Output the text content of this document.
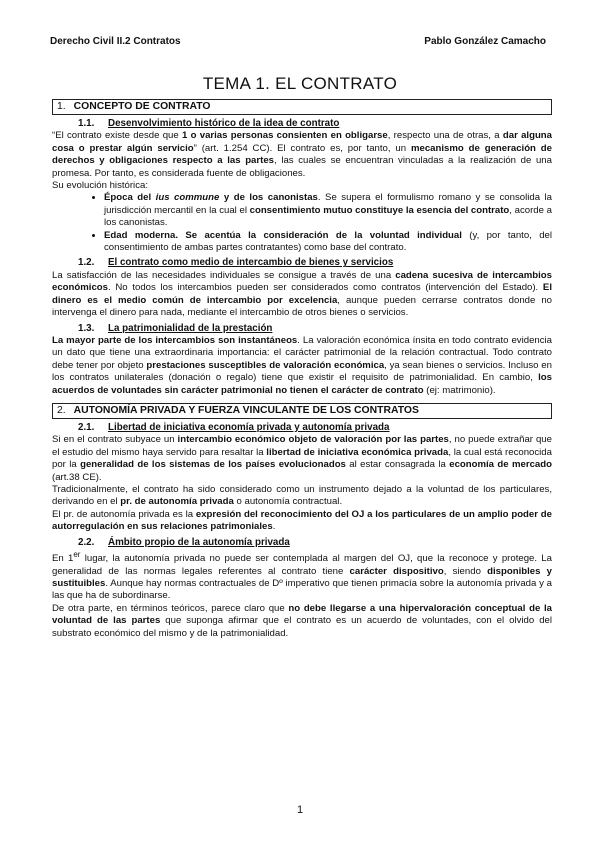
Derecho Civil II.2 Contratos	Pablo González Camacho
TEMA 1. EL CONTRATO
1. CONCEPTO DE CONTRATO
1.1. Desenvolvimiento histórico de la idea de contrato

“El contrato existe desde que 1 o varias personas consienten en obligarse, respecto una de otras, a dar alguna cosa o prestar algún servicio” (art. 1.254 CC). El contrato es, por tanto, un mecanismo de generación de derechos y obligaciones respecto a las partes, las cuales se encuentran vinculadas a la realización de una promesa. Por tanto, es considerada fuente de obligaciones.

Su evolución histórica:

• Época del ius commune y de los canonistas. Se supera el formulismo romano y se consolida la jurisdicción mercantil en la cual el consentimiento mutuo constituye la esencia del contrato, acorde a los canonistas.
• Edad moderna. Se acentúa la consideración de la voluntad individual (y, por tanto, del consentimiento de ambas partes contratantes) como base del contrato.
1.2. El contrato como medio de intercambio de bienes y servicios

La satisfacción de las necesidades individuales se consigue a través de una cadena sucesiva de intercambios económicos. No todos los intercambios pueden ser considerados como contratos (intervención del Estado). El dinero es el medio común de intercambio por excelencia, aunque pueden cerrarse contratos donde no intervenga el dinero para nada, mediante el intercambio de otros bienes o servicios.

1.3. La patrimonialidad de la prestación

La mayor parte de los intercambios son instantáneos. La valoración económica ínsita en todo contrato evidencia un dato que tiene una extraordinaria importancia: el carácter patrimonial de la relación contractual. Todo contrato debe tener por objeto prestaciones susceptibles de valoración económica, ya sean bienes o servicios. Incluso en los contratos unilaterales (donación o regalo) tiene que existir el requisito de patrimonialidad. En cambio, los acuerdos de voluntades sin carácter patrimonial no tienen el carácter de contrato (ej: matrimonio).

2. AUTONOMÍA PRIVADA Y FUERZA VINCULANTE DE LOS CONTRATOS
2.1. Libertad de iniciativa economía privada y autonomía privada

Si en el contrato subyace un intercambio económico objeto de valoración por las partes, no puede extrañar que el estudio del mismo haya servido para resaltar la libertad de iniciativa económica privada, la cual está reconocida por la generalidad de los sistemas de los países evolucionados al estar consagrada la economía de mercado (art.38 CE).

Tradicionalmente, el contrato ha sido considerado como un instrumento dejado a la voluntad de los particulares, derivando en el pr. de autonomía privada o autonomía contractual.

El pr. de autonomía privada es la expresión del reconocimiento del OJ a los particulares de un amplio poder de autorregulación en sus relaciones patrimoniales.

2.2. Ámbito propio de la autonomía privada

En 1er lugar, la autonomía privada no puede ser contemplada al margen del OJ, que la reconoce y protege. La generalidad de las normas legales referentes al contrato tiene carácter dispositivo, siendo disponibles y sustituibles. Aunque hay normas contractuales de Dº imperativo que tienen primacía sobre la autonomía privada y a las que ha de subordinarse.

De otra parte, en términos teóricos, parece claro que no debe llegarse a una hipervaloración conceptual de la voluntad de las partes que suponga afirmar que el contrato es un acuerdo de voluntades, con el olvido del substrato económico del mismo y de la patrimonialidad.

1
